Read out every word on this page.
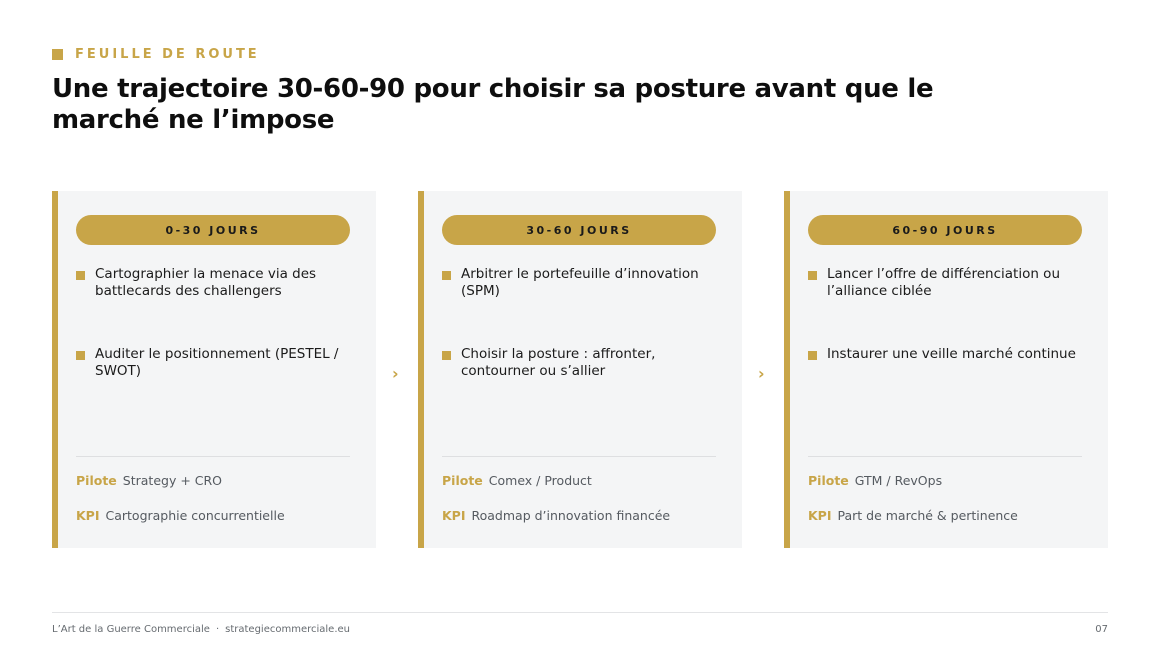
FEUILLE DE ROUTE
Une trajectoire 30-60-90 pour choisir sa posture avant que le marché ne l’impose
0-30 JOURS
Cartographier la menace via des battlecards des challengers
Auditer le positionnement (PESTEL / SWOT)
Pilote Strategy + CRO
KPI Cartographie concurrentielle
›
30-60 JOURS
Arbitrer le portefeuille d’innovation (SPM)
Choisir la posture : affronter, contourner ou s’allier
Pilote Comex / Product
KPI Roadmap d’innovation financée
›
60-90 JOURS
Lancer l’offre de différenciation ou l’alliance ciblée
Instaurer une veille marché continue
Pilote GTM / RevOps
KPI Part de marché & pertinence
L’Art de la Guerre Commerciale · strategiecommerciale.eu	07
